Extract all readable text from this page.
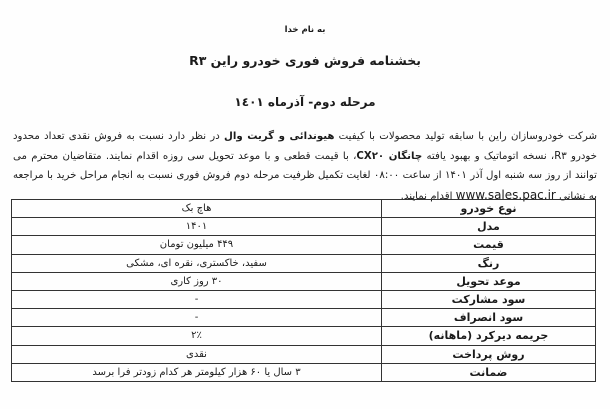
به نام خدا
بخشنامه فروش فوری خودرو راین R۳
مرحله دوم- آذرماه ١٤٠١

شرکت خودروسازان راین با سابقه تولید محصولات با کیفیت هیوندائی و گریت وال در نظر دارد نسبت به فروش نقدی تعداد محدود خودرو R۳، نسخه اتوماتیک و بهبود یافته چانگان CX۲۰، با قیمت قطعی و با موعد تحویل سی روزه اقدام نمایند. متقاضیان محترم می توانند از روز سه شنبه اول آذر ۱۴۰۱ از ساعت ۰۸:۰۰ لغایت تکمیل ظرفیت مرحله دوم فروش فوری نسبت به انجام مراحل خرید با مراجعه به نشانی www.sales.pac.ir اقدام نمایند.

نوع خودرو	هاچ بک
مدل	۱۴۰۱
قیمت	۴۴۹ میلیون تومان
رنگ	سفید، خاکستری، نقره ای، مشکی
موعد تحویل	۳۰ روز کاری
سود مشارکت	-
سود انصراف	-
جریمه دیرکرد (ماهانه)	۲٪
روش پرداخت	نقدی
ضمانت	۳ سال یا ۶۰ هزار کیلومتر هر کدام زودتر فرا برسد
